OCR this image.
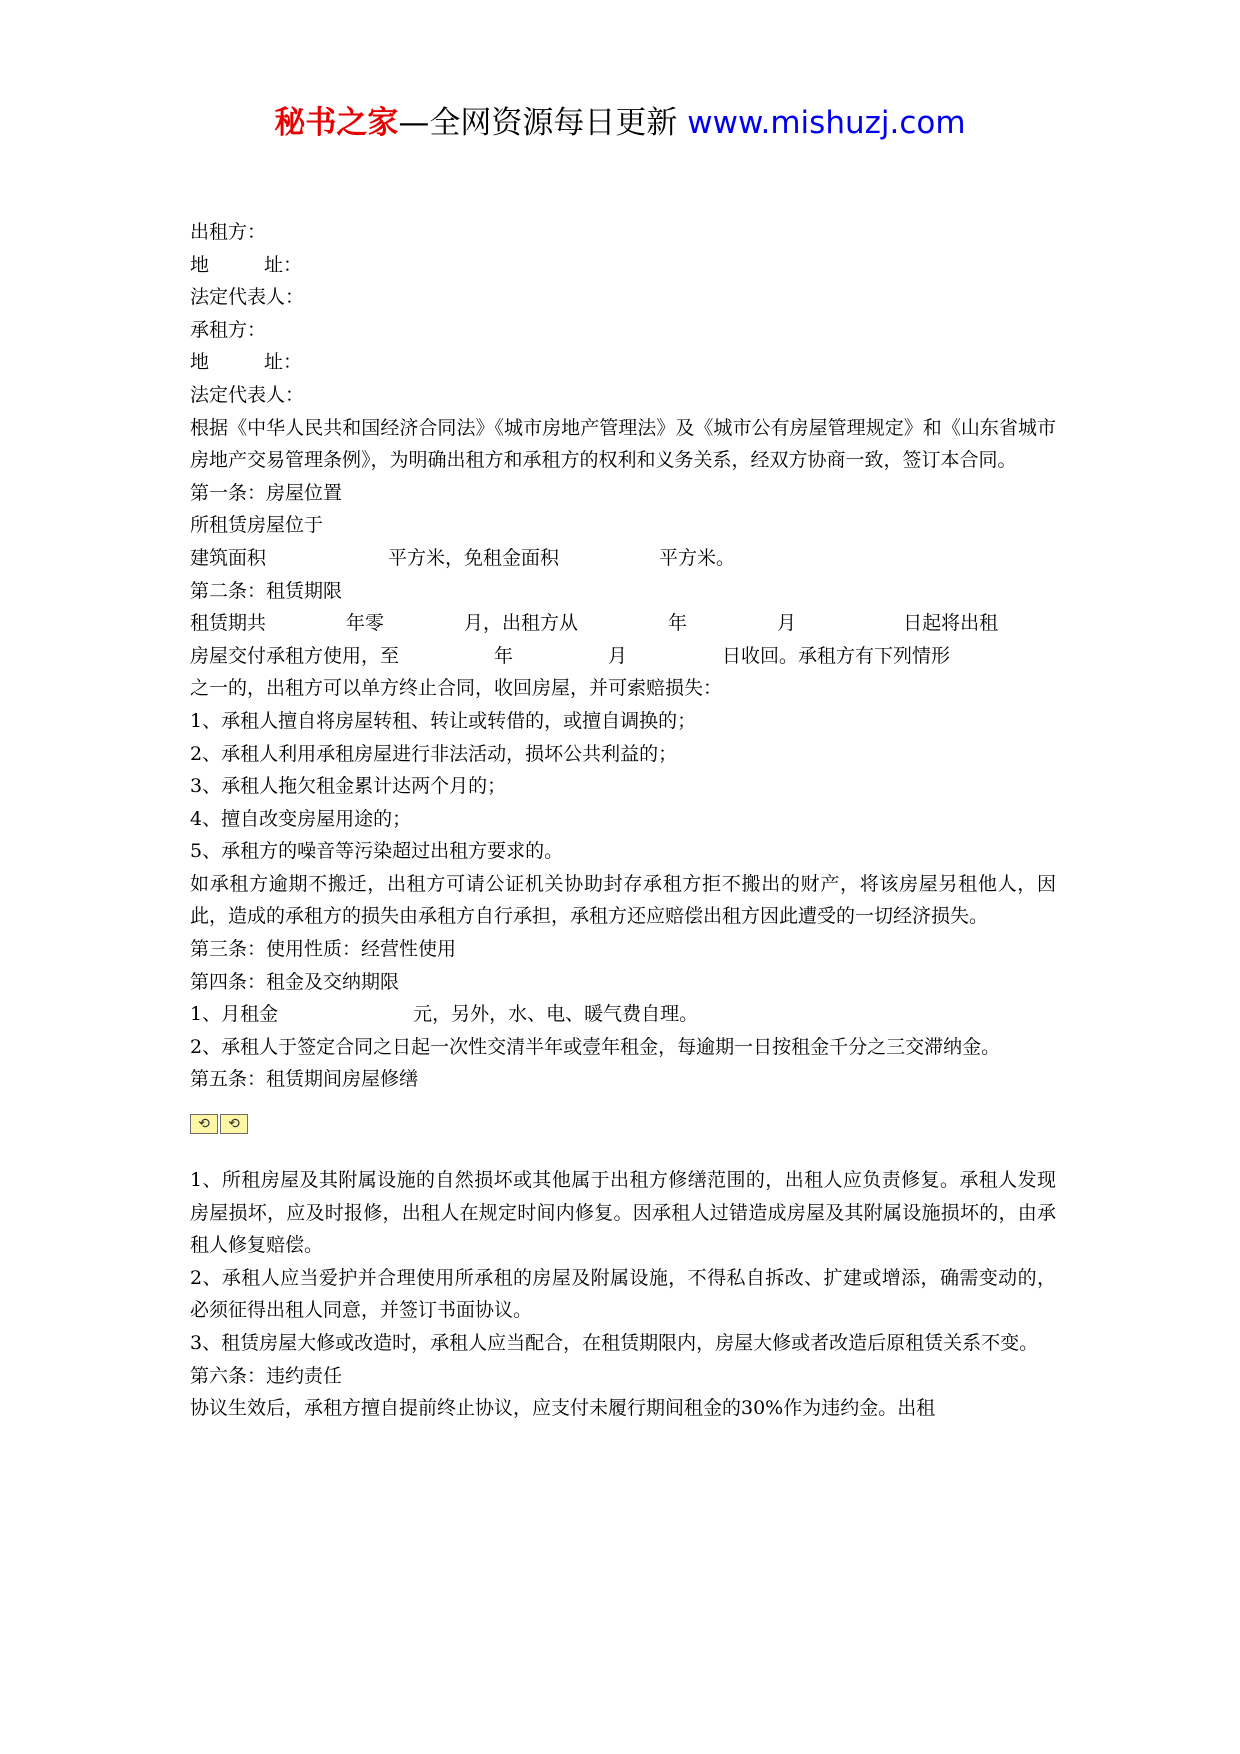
秘书之家—全网资源每日更新 www.mishuzj.com

出租方：

地	址：

法定代表人：

承租方：

地	址：

法定代表人：

根据《中华人民共和国经济合同法》《城市房地产管理法》及《城市公有房屋管理规定》和《山东省城市房地产交易管理条例》，为明确出租方和承租方的权利和义务关系，经双方协商一致，签订本合同。

第一条：房屋位置

所租赁房屋位于

建筑面积	平方米，免租金面积	平方米。

第二条：租赁期限

租赁期共	年零	月，出租方从	年	月	日起将出租

房屋交付承租方使用，至	年	月	日收回。承租方有下列情形

之一的，出租方可以单方终止合同，收回房屋，并可索赔损失：

1、承租人擅自将房屋转租、转让或转借的，或擅自调换的；

2、承租人利用承租房屋进行非法活动，损坏公共利益的；

3、承租人拖欠租金累计达两个月的；

4、擅自改变房屋用途的；

5、承租方的噪音等污染超过出租方要求的。

如承租方逾期不搬迁，出租方可请公证机关协助封存承租方拒不搬出的财产，将该房屋另租他人，因此，造成的承租方的损失由承租方自行承担，承租方还应赔偿出租方因此遭受的一切经济损失。

第三条：使用性质：经营性使用

第四条：租金及交纳期限

1、月租金	元，另外，水、电、暖气费自理。

2、承租人于签定合同之日起一次性交清半年或壹年租金，每逾期一日按租金千分之三交滞纳金。

第五条：租赁期间房屋修缮

⟲	⟲

1、所租房屋及其附属设施的自然损坏或其他属于出租方修缮范围的，出租人应负责修复。承租人发现房屋损坏，应及时报修，出租人在规定时间内修复。因承租人过错造成房屋及其附属设施损坏的，由承租人修复赔偿。

2、承租人应当爱护并合理使用所承租的房屋及附属设施，不得私自拆改、扩建或增添，确需变动的，必须征得出租人同意，并签订书面协议。

3、租赁房屋大修或改造时，承租人应当配合，在租赁期限内，房屋大修或者改造后原租赁关系不变。

第六条：违约责任

协议生效后，承租方擅自提前终止协议，应支付未履行期间租金的30%作为违约金。出租
